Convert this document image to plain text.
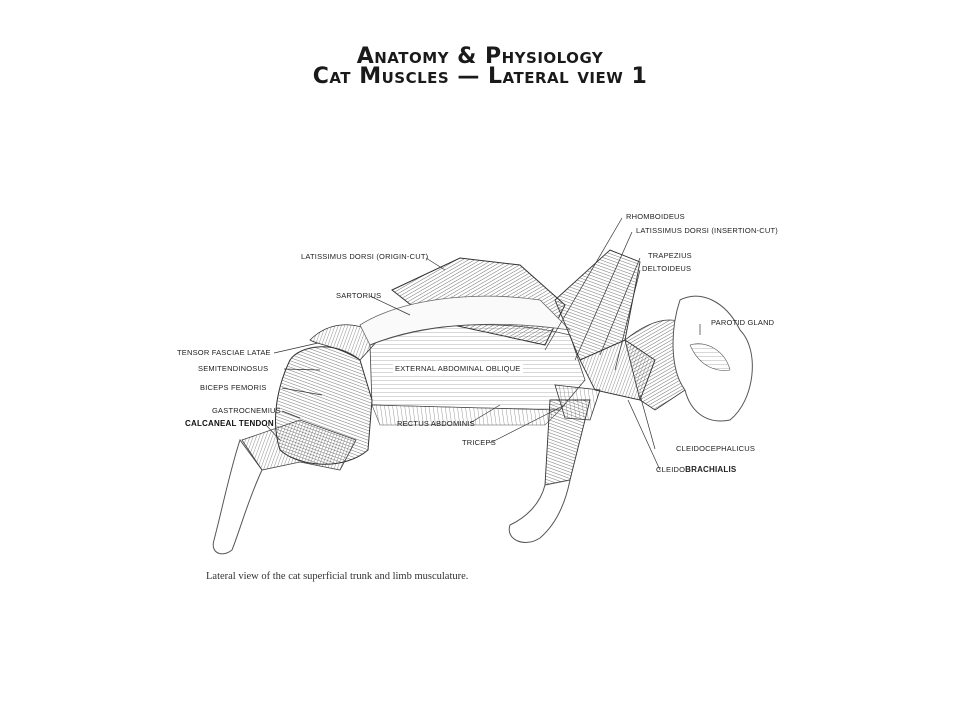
Anatomy & Physiology
Cat Muscles — Lateral view 1
RHOMBOIDEUS
LATISSIMUS DORSI (INSERTION-CUT)
LATISSIMUS DORSI (ORIGIN-CUT)	TRAPEZIUS
DELTOIDEUS
SARTORIUS
PAROTID GLAND
TENSOR FASCIAE LATAE
SEMITENDINOSUS	EXTERNAL ABDOMINAL OBLIQUE
BICEPS FEMORIS
GASTROCNEMIUS
CALCANEAL TENDON	RECTUS ABDOMINIS
TRICEPS
CLEIDOCEPHALICUS
CLEIDOBRACHIALIS
Lateral view of the cat superficial trunk and limb musculature.
